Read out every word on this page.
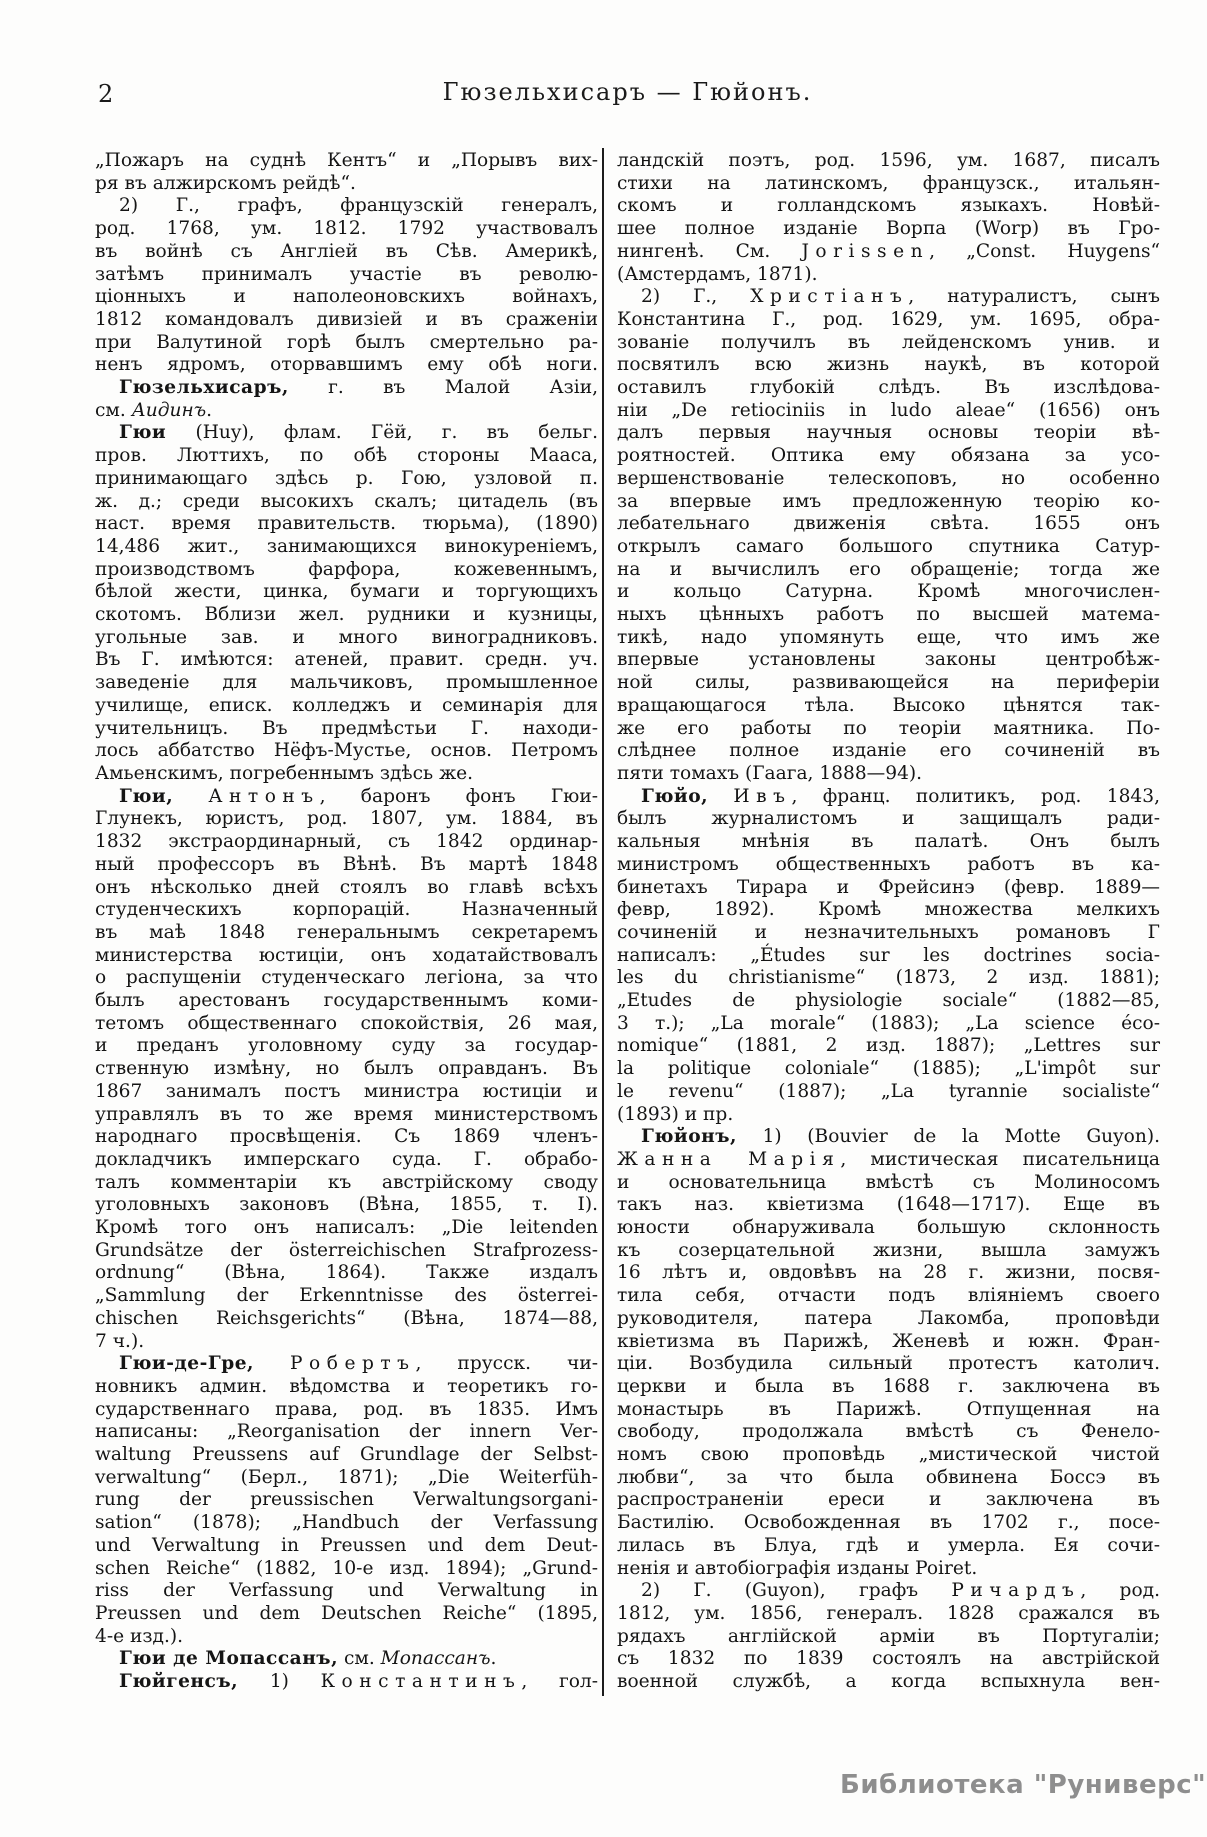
2	Гюзельхисаръ — Гюйонъ.
„Пожаръ на суднѣ Кентъ“ и „Порывъ вих-
ря въ алжирскомъ рейдѣ“.
2) Г., графъ, французскій генералъ,
род. 1768, ум. 1812. 1792 участвовалъ
въ войнѣ съ Англіей въ Сѣв. Америкѣ,
затѣмъ принималъ участіе въ револю-
ціонныхъ и наполеоновскихъ войнахъ,
1812 командовалъ дивизіей и въ сраженіи
при Валутиной горѣ былъ смертельно ра-
ненъ ядромъ, оторвавшимъ ему обѣ ноги.
Гюзельхисаръ, г. въ Малой Азіи,
см. Аидинъ.
Гюи (Huy), флам. Гёй, г. въ бельг.
пров. Люттихъ, по обѣ стороны Мааса,
принимающаго здѣсь р. Гою, узловой п.
ж. д.; среди высокихъ скалъ; цитадель (въ
наст. время правительств. тюрьма), (1890)
14,486 жит., занимающихся винокуреніемъ,
производствомъ фарфора, кожевеннымъ,
бѣлой жести, цинка, бумаги и торгующихъ
скотомъ. Вблизи жел. рудники и кузницы,
угольные зав. и много виноградниковъ.
Въ Г. имѣются: атеней, правит. средн. уч.
заведеніе для мальчиковъ, промышленное
училище, еписк. колледжъ и семинарія для
учительницъ. Въ предмѣстьи Г. находи-
лось аббатство Нёфъ-Мустье, основ. Петромъ
Амьенскимъ, погребеннымъ здѣсь же.
Гюи, Антонъ, баронъ фонъ Гюи-
Глунекъ, юристъ, род. 1807, ум. 1884, въ
1832 экстраординарный, съ 1842 ординар-
ный профессоръ въ Вѣнѣ. Въ мартѣ 1848
онъ нѣсколько дней стоялъ во главѣ всѣхъ
студенческихъ корпорацій. Назначенный
въ маѣ 1848 генеральнымъ секретаремъ
министерства юстиціи, онъ ходатайствовалъ
о распущеніи студенческаго легіона, за что
былъ арестованъ государственнымъ коми-
тетомъ общественнаго спокойствія, 26 мая,
и преданъ уголовному суду за государ-
ственную измѣну, но былъ оправданъ. Въ
1867 занималъ постъ министра юстиціи и
управлялъ въ то же время министерствомъ
народнаго просвѣщенія. Съ 1869 членъ-
докладчикъ имперскаго суда. Г. обрабо-
талъ комментаріи къ австрійскому своду
уголовныхъ законовъ (Вѣна, 1855, т. I).
Кромѣ того онъ написалъ: „Die leitenden
Grundsätze der österreichischen Strafprozess-
ordnung“ (Вѣна, 1864). Также издалъ
„Sammlung der Erkenntnisse des österrei-
chischen Reichsgerichts“ (Вѣна, 1874—88,
7 ч.).
Гюи-де-Гре, Робертъ, прусск. чи-
новникъ админ. вѣдомства и теоретикъ го-
сударственнаго права, род. въ 1835. Имъ
написаны: „Reorganisation der innern Ver-
waltung Preussens auf Grundlage der Selbst-
verwaltung“ (Берл., 1871); „Die Weiterfüh-
rung der preussischen Verwaltungsorgani-
sation“ (1878); „Handbuch der Verfassung
und Verwaltung in Preussen und dem Deut-
schen Reiche“ (1882, 10-е изд. 1894); „Grund-
riss der Verfassung und Verwaltung in
Preussen und dem Deutschen Reiche“ (1895,
4-е изд.).
Гюи де Мопассанъ, см. Мопассанъ.
Гюйгенсъ, 1) Константинъ, гол-
ландскій поэтъ, род. 1596, ум. 1687, писалъ
стихи на латинскомъ, французск., итальян-
скомъ и голландскомъ языкахъ. Новѣй-
шее полное изданіе Ворпа (Worp) въ Гро-
нингенѣ. См. Jorissen, „Const. Huygens“
(Амстердамъ, 1871).
2) Г., Христіанъ, натуралистъ, сынъ
Константина Г., род. 1629, ум. 1695, обра-
зованіе получилъ въ лейденскомъ унив. и
посвятилъ всю жизнь наукѣ, въ которой
оставилъ глубокій слѣдъ. Въ изслѣдова-
ніи „De retiociniis in ludo aleae“ (1656) онъ
далъ первыя научныя основы теоріи вѣ-
роятностей. Оптика ему обязана за усо-
вершенствованіе телескоповъ, но особенно
за впервые имъ предложенную теорію ко-
лебательнаго движенія свѣта. 1655 онъ
открылъ самаго большого спутника Сатур-
на и вычислилъ его обращеніе; тогда же
и кольцо Сатурна. Кромѣ многочислен-
ныхъ цѣнныхъ работъ по высшей матема-
тикѣ, надо упомянуть еще, что имъ же
впервые установлены законы центробѣж-
ной силы, развивающейся на периферіи
вращающагося тѣла. Высоко цѣнятся так-
же его работы по теоріи маятника. По-
слѣднее полное изданіе его сочиненій въ
пяти томахъ (Гаага, 1888—94).
Гюйо, Ивъ, франц. политикъ, род. 1843,
былъ журналистомъ и защищалъ ради-
кальныя мнѣнія въ палатѣ. Онъ былъ
министромъ общественныхъ работъ въ ка-
бинетахъ Тирара и Фрейсинэ (февр. 1889—
февр, 1892). Кромѣ множества мелкихъ
сочиненій и незначительныхъ романовъ Г
написалъ: „Études sur les doctrines socia-
les du christianisme“ (1873, 2 изд. 1881);
„Etudes de physiologie sociale“ (1882—85,
3 т.); „La morale“ (1883); „La science éco-
nomique“ (1881, 2 изд. 1887); „Lettres sur
la politique coloniale“ (1885); „L'impôt sur
le revenu“ (1887); „La tyrannie socialiste“
(1893) и пр.
Гюйонъ, 1) (Bouvier de la Motte Guyon).
Жанна Марія, мистическая писательница
и основательница вмѣстѣ съ Молиносомъ
такъ наз. квіетизма (1648—1717). Еще въ
юности обнаруживала большую склонность
къ созерцательной жизни, вышла замужъ
16 лѣтъ и, овдовѣвъ на 28 г. жизни, посвя-
тила себя, отчасти подъ вліяніемъ своего
руководителя, патера Лакомба, проповѣди
квіетизма въ Парижѣ, Женевѣ и южн. Фран-
ціи. Возбудила сильный протестъ католич.
церкви и была въ 1688 г. заключена въ
монастырь въ Парижѣ. Отпущенная на
свободу, продолжала вмѣстѣ съ Фенело-
номъ свою проповѣдь „мистической чистой
любви“, за что была обвинена Боссэ въ
распространеніи ереси и заключена въ
Бастилію. Освобожденная въ 1702 г., посе-
лилась въ Блуа, гдѣ и умерла. Ея сочи-
ненія и автобіографія изданы Poiret.
2) Г. (Guyon), графъ Ричардъ, род.
1812, ум. 1856, генералъ. 1828 сражался въ
рядахъ англійской арміи въ Португаліи;
съ 1832 по 1839 состоялъ на австрійской
военной службѣ, а когда вспыхнула вен-
Библиотека "Руниверс"
